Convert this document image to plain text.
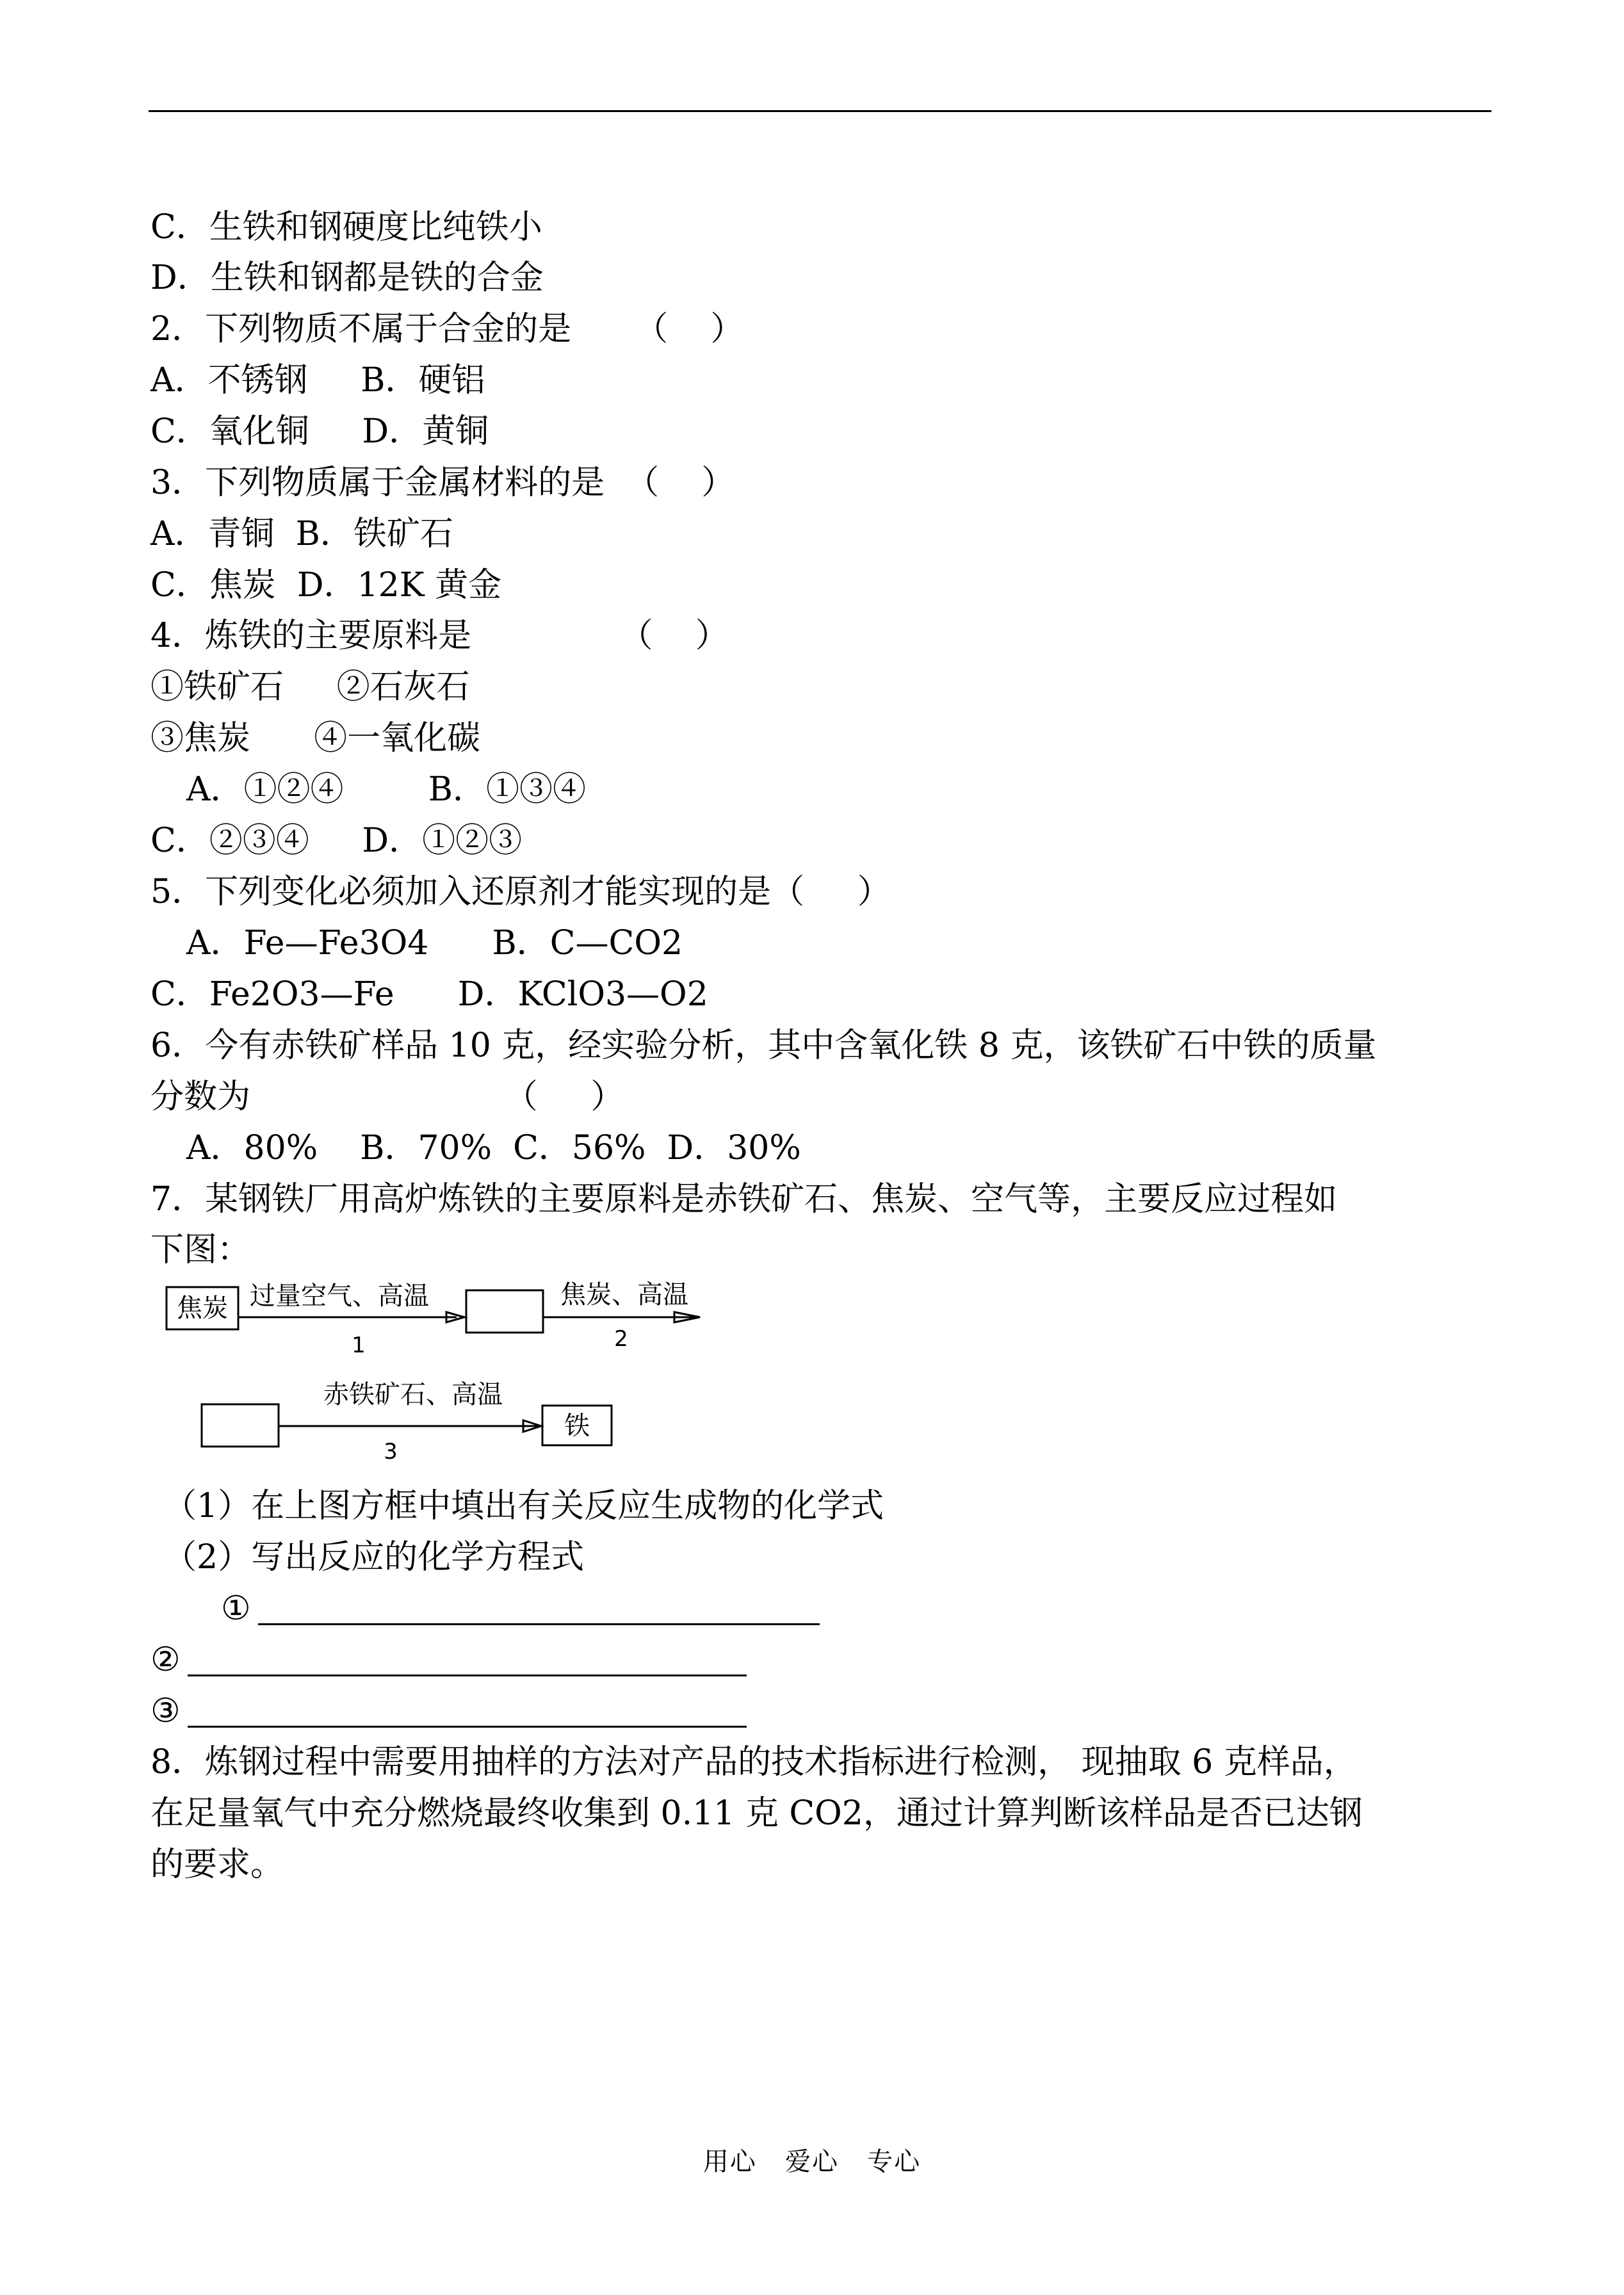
C．生铁和钢硬度比纯铁小
D．生铁和钢都是铁的合金
2．下列物质不属于合金的是      （    ）
A．不锈钢     B．硬铝
C．氧化铜     D．黄铜
3．下列物质属于金属材料的是  （    ）
A．青铜  B．铁矿石
C．焦炭  D．12K 黄金
4．炼铁的主要原料是              （    ）
①铁矿石     ②石灰石
③焦炭      ④一氧化碳
A．①②④        B．①③④
C．②③④     D．①②③
5．下列变化必须加入还原剂才能实现的是（     ）
A．Fe—Fe3O4      B．C—CO2
C．Fe2O3—Fe      D．KClO3—O2
6．今有赤铁矿样品 10 克，经实验分析，其中含氧化铁 8 克，该铁矿石中铁的质量
分数为                        （     ）
A．80%    B．70%  C．56%  D．30%
7．某钢铁厂用高炉炼铁的主要原料是赤铁矿石、焦炭、空气等，主要反应过程如
下图：
焦炭 过量空气、高温
1
焦炭、高温
2
赤铁矿石、高温
3
铁
（1）在上图方框中填出有关反应生成物的化学式
（2）写出反应的化学方程式
①
②
③
8．炼钢过程中需要用抽样的方法对产品的技术指标进行检测， 现抽取 6 克样品，
在足量氧气中充分燃烧最终收集到 0.11 克 CO2，通过计算判断该样品是否已达钢
的要求。
用心   爱心   专心
